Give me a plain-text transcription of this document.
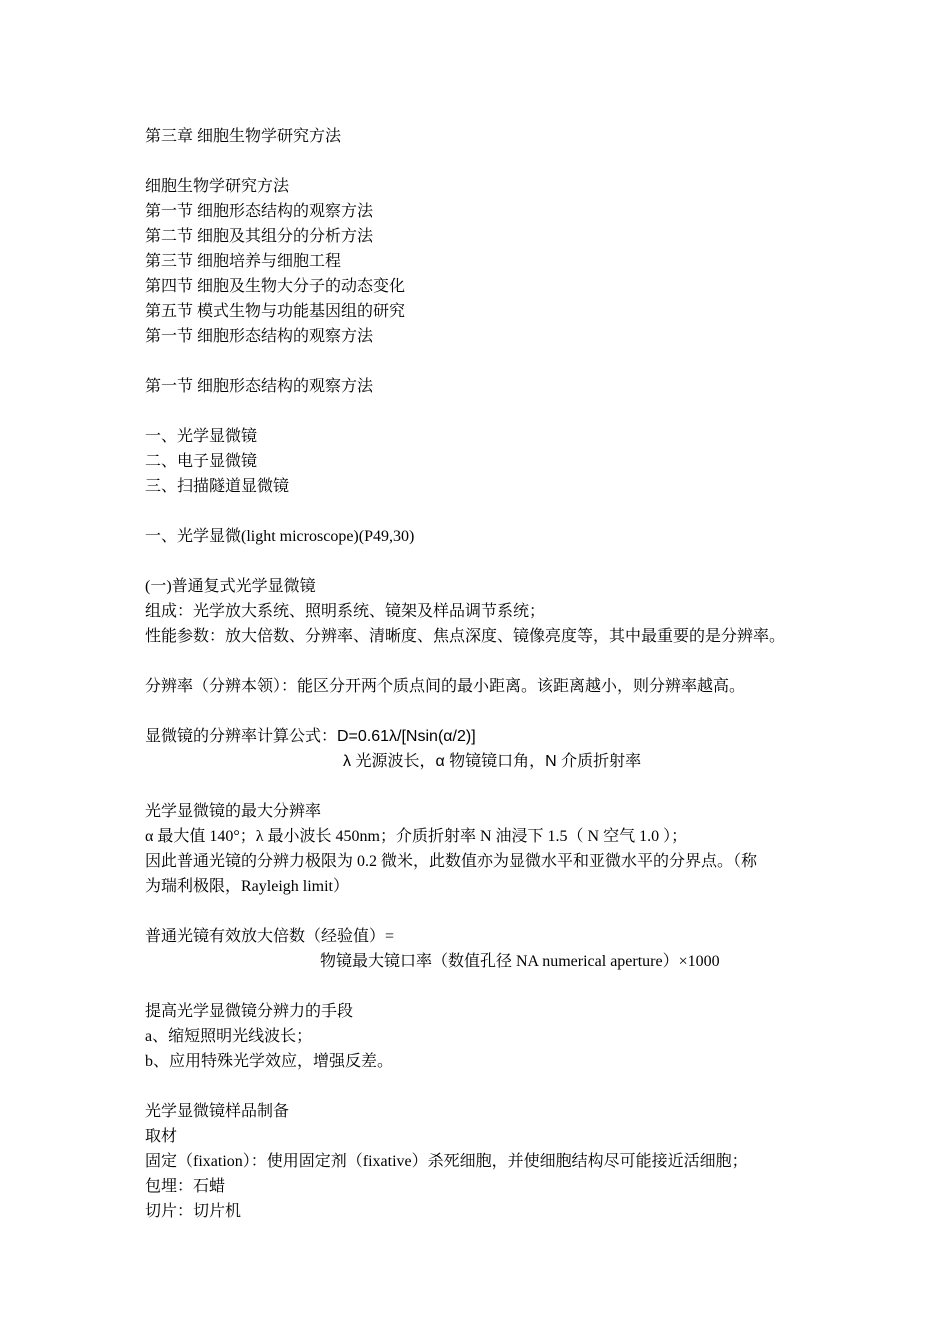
第三章 细胞生物学研究方法
细胞生物学研究方法
第一节 细胞形态结构的观察方法
第二节 细胞及其组分的分析方法
第三节 细胞培养与细胞工程
第四节 细胞及生物大分子的动态变化
第五节 模式生物与功能基因组的研究
第一节 细胞形态结构的观察方法
第一节 细胞形态结构的观察方法
一、光学显微镜
二、电子显微镜
三、扫描隧道显微镜
一、光学显微(light microscope)(P49,30)
(一)普通复式光学显微镜
组成：光学放大系统、照明系统、镜架及样品调节系统；
性能参数：放大倍数、分辨率、清晰度、焦点深度、镜像亮度等，其中最重要的是分辨率。
分辨率（分辨本领）：能区分开两个质点间的最小距离。该距离越小，则分辨率越高。
显微镜的分辨率计算公式：D=0.61λ/[Nsin(α/2)]
λ 光源波长，α 物镜镜口角，N 介质折射率
光学显微镜的最大分辨率
α 最大值 140°；λ 最小波长 450nm；介质折射率 N 油浸下 1.5（ N 空气 1.0 ）；
因此普通光镜的分辨力极限为 0.2 微米，此数值亦为显微水平和亚微水平的分界点。（称
为瑞利极限，Rayleigh limit）
普通光镜有效放大倍数（经验值）=
物镜最大镜口率（数值孔径 NA numerical aperture）×1000
提高光学显微镜分辨力的手段
a、缩短照明光线波长；
b、应用特殊光学效应，增强反差。
光学显微镜样品制备
取材
固定（fixation）：使用固定剂（fixative）杀死细胞，并使细胞结构尽可能接近活细胞；
包埋：石蜡
切片：切片机
